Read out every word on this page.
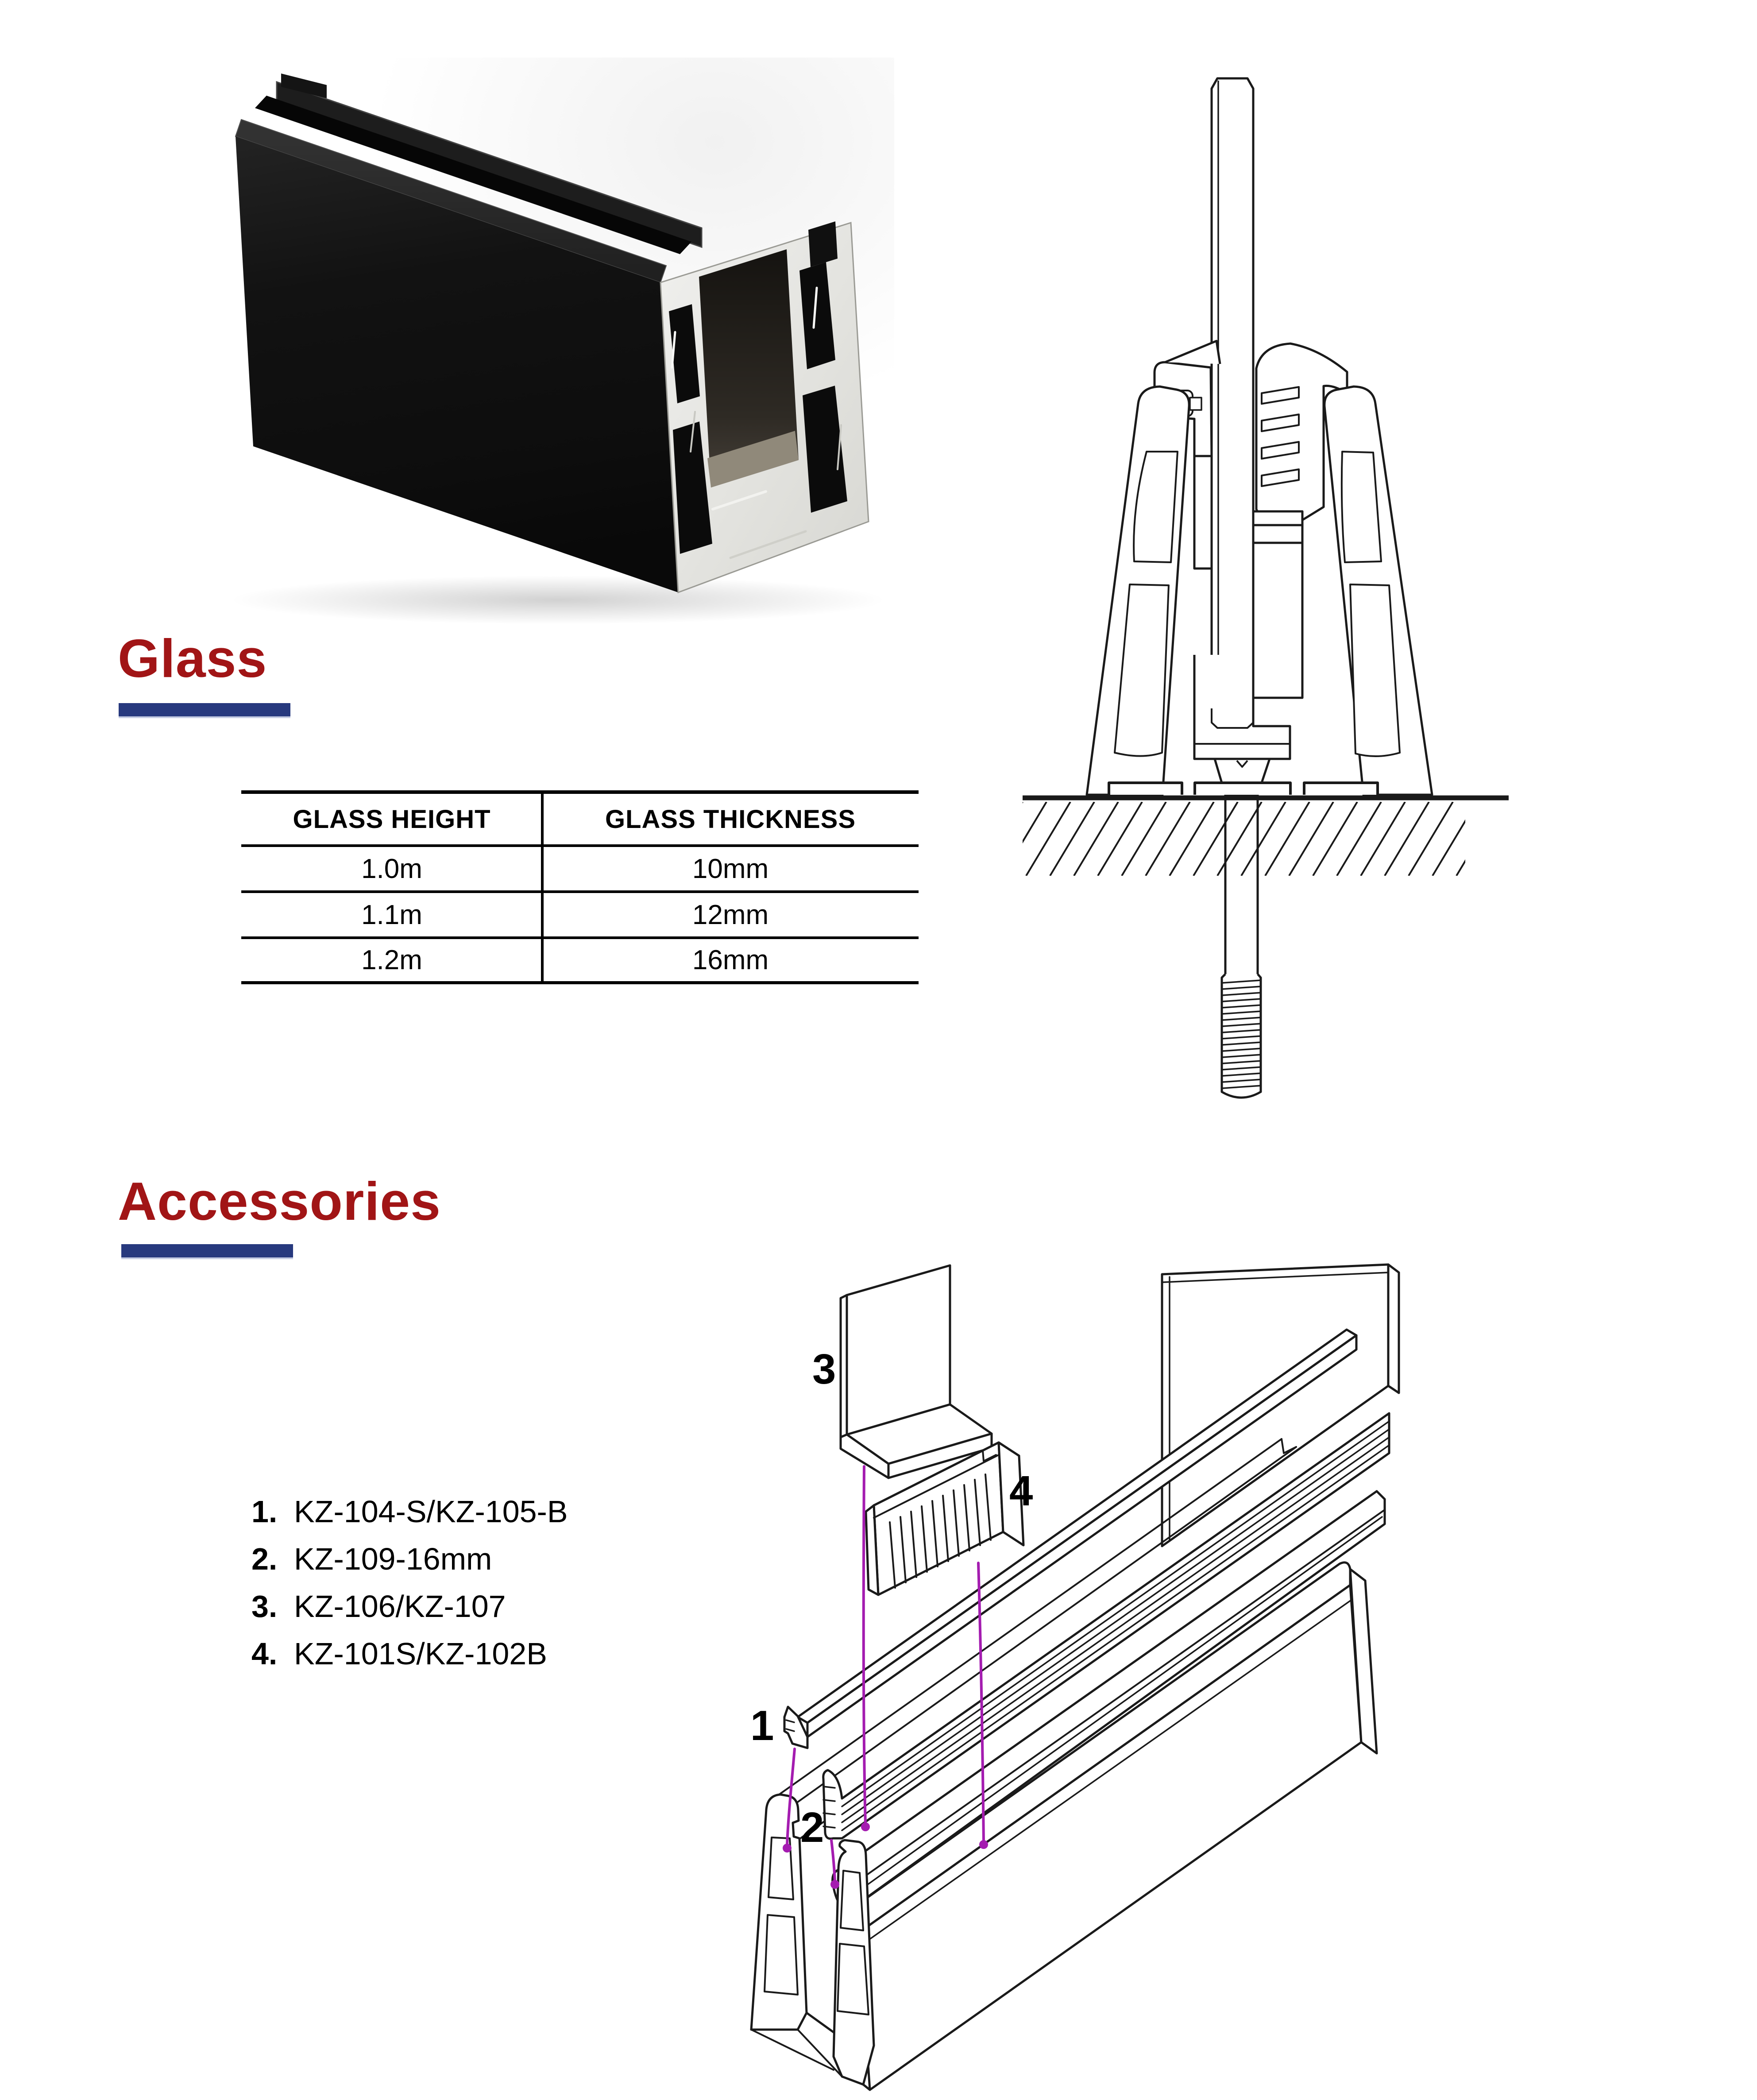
Glass
GLASS HEIGHT	GLASS THICKNESS
1.0m	10mm
1.1m	12mm
1.2m	16mm
Accessories
1. KZ-104-S/KZ-105-B
2. KZ-109-16mm
3. KZ-106/KZ-107
4. KZ-101S/KZ-102B
1
2
3
4
